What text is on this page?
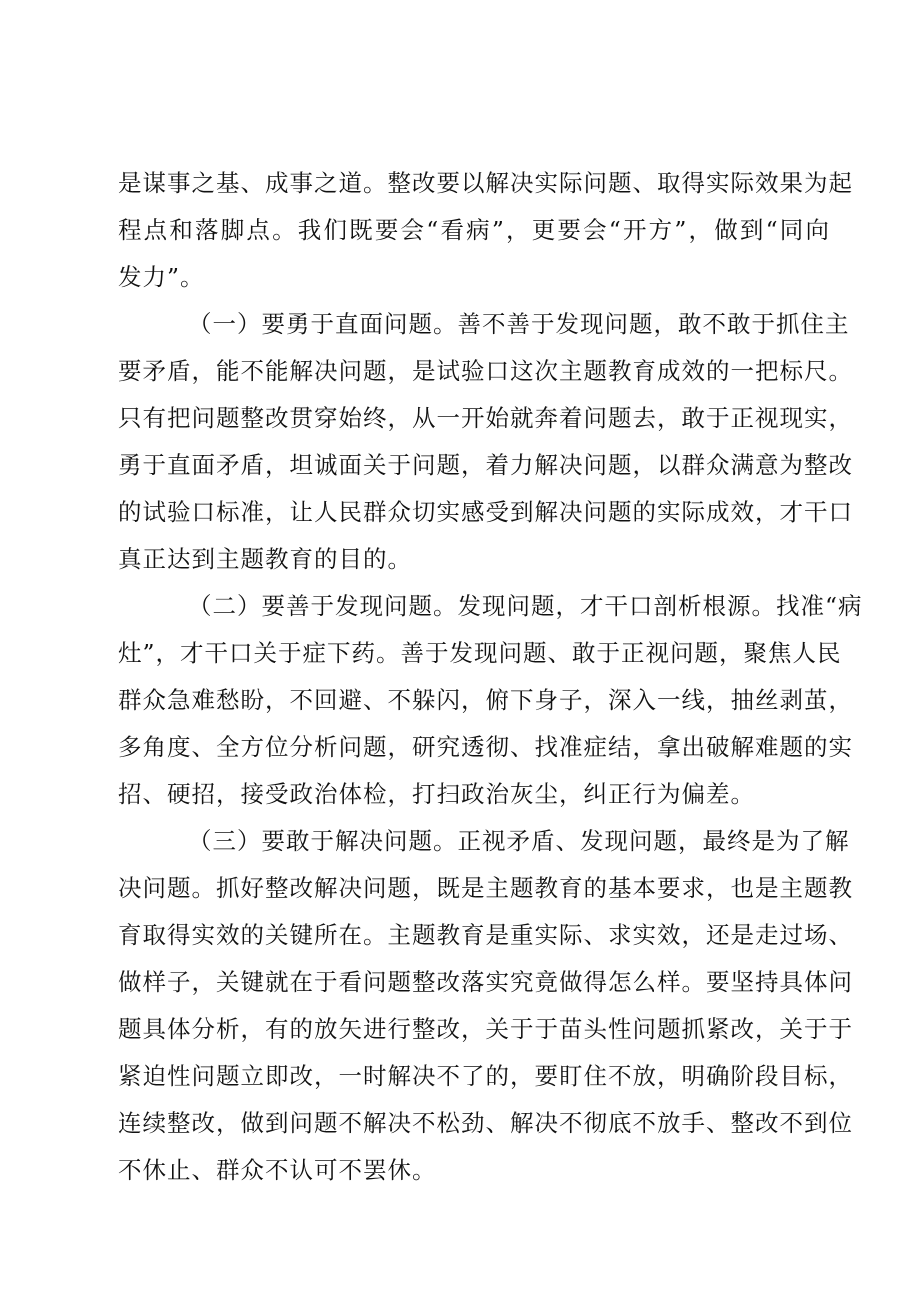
是谋事之基、成事之道。整改要以解决实际问题、取得实际效果为起
程点和落脚点。我们既要会“看病”，更要会“开方”，做到“同向
发力”。
（一）要勇于直面问题。善不善于发现问题，敢不敢于抓住主
要矛盾，能不能解决问题，是试验口这次主题教育成效的一把标尺。
只有把问题整改贯穿始终，从一开始就奔着问题去，敢于正视现实，
勇于直面矛盾，坦诚面关于问题，着力解决问题，以群众满意为整改
的试验口标准，让人民群众切实感受到解决问题的实际成效，才干口
真正达到主题教育的目的。
（二）要善于发现问题。发现问题，才干口剖析根源。找准“病
灶”，才干口关于症下药。善于发现问题、敢于正视问题，聚焦人民
群众急难愁盼，不回避、不躲闪，俯下身子，深入一线，抽丝剥茧，
多角度、全方位分析问题，研究透彻、找准症结，拿出破解难题的实
招、硬招，接受政治体检，打扫政治灰尘，纠正行为偏差。
（三）要敢于解决问题。正视矛盾、发现问题，最终是为了解
决问题。抓好整改解决问题，既是主题教育的基本要求，也是主题教
育取得实效的关键所在。主题教育是重实际、求实效，还是走过场、
做样子，关键就在于看问题整改落实究竟做得怎么样。要坚持具体问
题具体分析，有的放矢进行整改，关于于苗头性问题抓紧改，关于于
紧迫性问题立即改，一时解决不了的，要盯住不放，明确阶段目标，
连续整改，做到问题不解决不松劲、解决不彻底不放手、整改不到位
不休止、群众不认可不罢休。
